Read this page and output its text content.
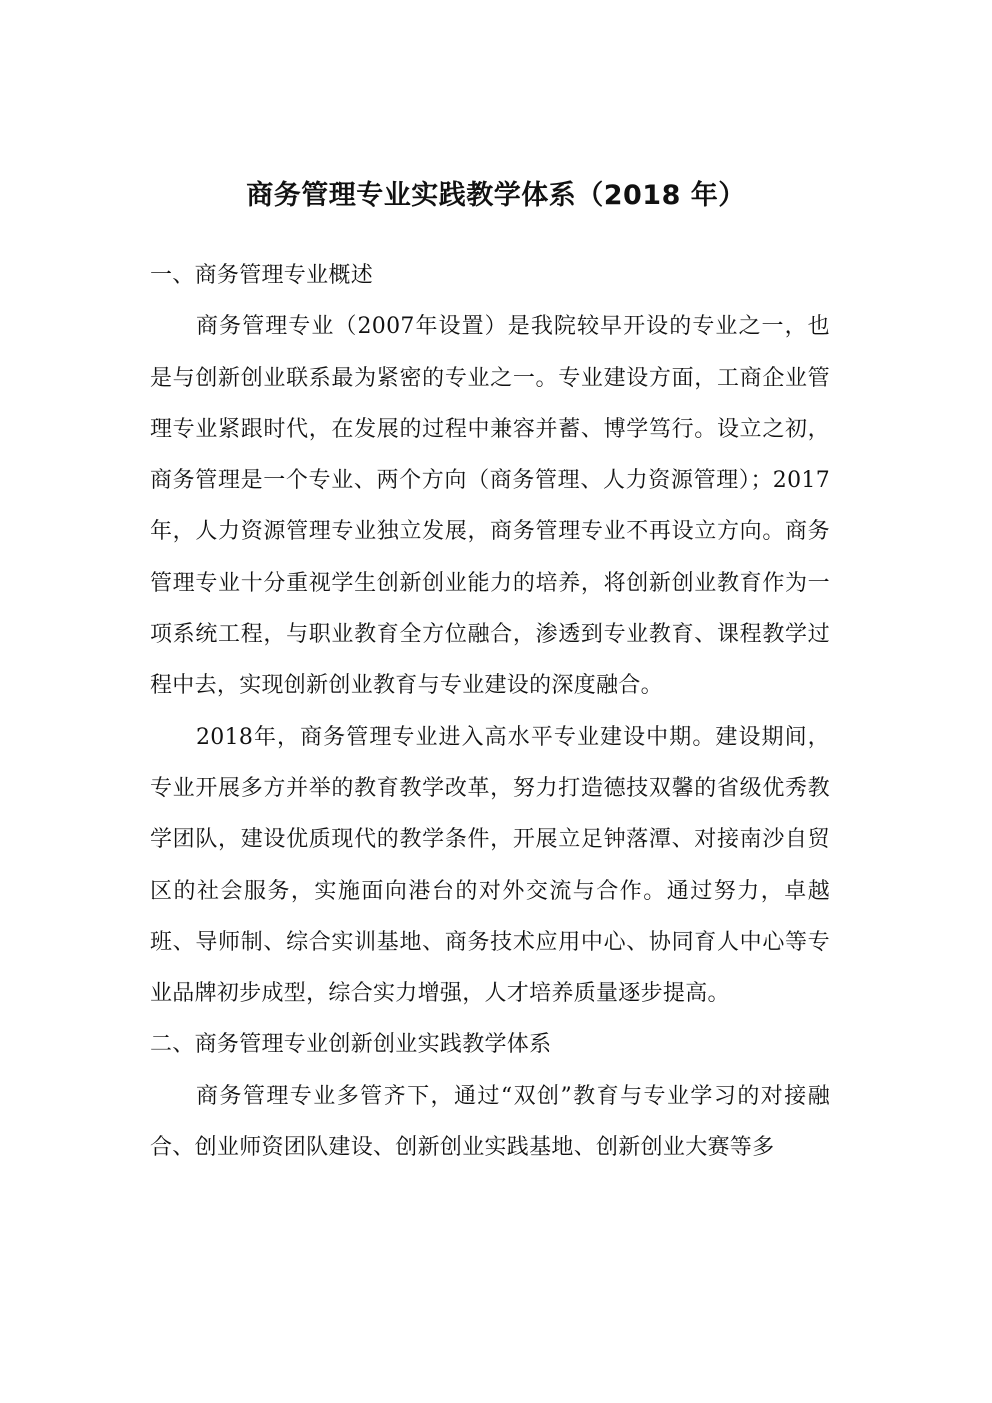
商务管理专业实践教学体系（2018 年）
一、商务管理专业概述

商务管理专业（2007年设置）是我院较早开设的专业之一，也是与创新创业联系最为紧密的专业之一。专业建设方面，工商企业管理专业紧跟时代，在发展的过程中兼容并蓄、博学笃行。设立之初，商务管理是一个专业、两个方向（商务管理、人力资源管理）；2017年，人力资源管理专业独立发展，商务管理专业不再设立方向。商务管理专业十分重视学生创新创业能力的培养，将创新创业教育作为一项系统工程，与职业教育全方位融合，渗透到专业教育、课程教学过程中去，实现创新创业教育与专业建设的深度融合。

2018年，商务管理专业进入高水平专业建设中期。建设期间，专业开展多方并举的教育教学改革，努力打造德技双馨的省级优秀教学团队，建设优质现代的教学条件，开展立足钟落潭、对接南沙自贸区的社会服务，实施面向港台的对外交流与合作。通过努力，卓越班、导师制、综合实训基地、商务技术应用中心、协同育人中心等专业品牌初步成型，综合实力增强，人才培养质量逐步提高。

二、商务管理专业创新创业实践教学体系

商务管理专业多管齐下，通过“双创”教育与专业学习的对接融合、创业师资团队建设、创新创业实践基地、创新创业大赛等多
